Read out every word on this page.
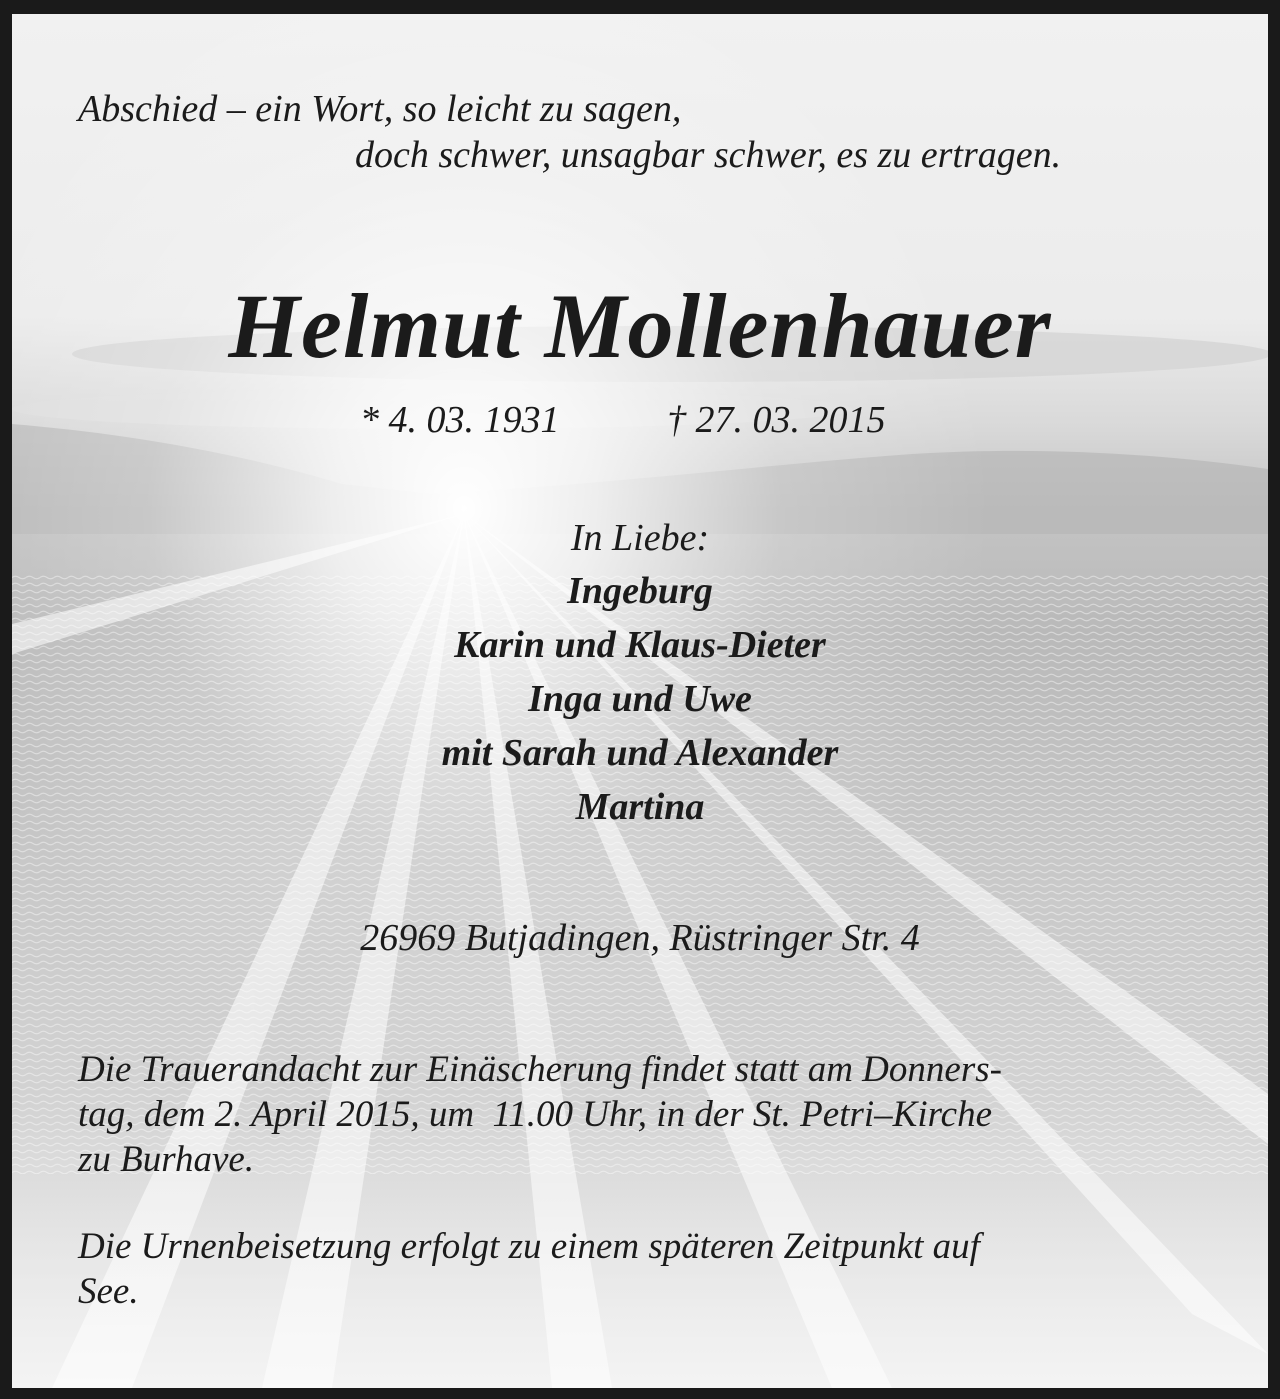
Abschied – ein Wort, so leicht zu sagen,

doch schwer, unsagbar schwer, es zu ertragen.

Helmut Mollenhauer

* 4. 03. 1931	† 27. 03. 2015

In Liebe:

Ingeburg

Karin und Klaus-Dieter

Inga und Uwe

mit Sarah und Alexander

Martina

26969 Butjadingen, Rüstringer Str. 4

Die Trauerandacht zur Einäscherung findet statt am Donners-

tag, dem 2. April 2015, um  11.00 Uhr, in der St. Petri–Kirche

zu Burhave.

Die Urnenbeisetzung erfolgt zu einem späteren Zeitpunkt auf

See.
